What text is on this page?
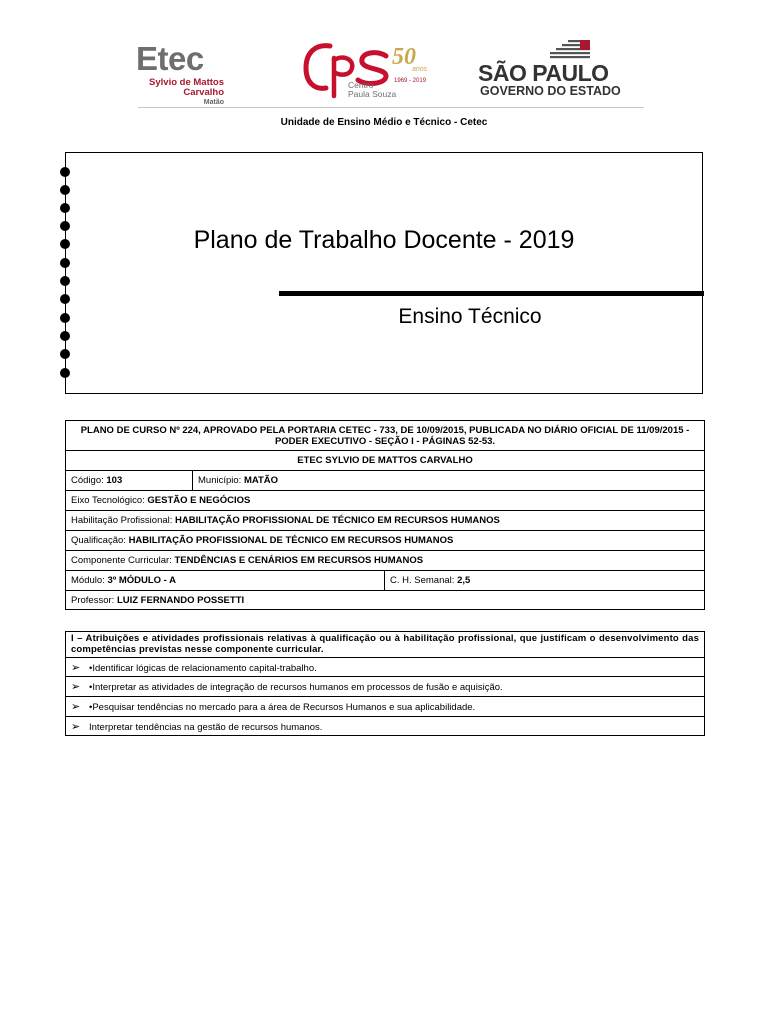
Etec
Sylvio de Mattos
Carvalho
Matão
50
anos
1969 - 2019
Centro
Paula Souza
SÃO PAULO
GOVERNO DO ESTADO
Unidade de Ensino Médio e Técnico - Cetec
Plano de Trabalho Docente - 2019
Ensino Técnico
PLANO DE CURSO Nº 224, APROVADO PELA PORTARIA CETEC - 733, DE 10/09/2015, PUBLICADA NO DIÁRIO OFICIAL DE 11/09/2015 - PODER EXECUTIVO - SEÇÃO I - PÁGINAS 52-53.		
ETEC SYLVIO DE MATTOS CARVALHO		
Código: 103	Município: MATÃO	
Eixo Tecnológico: GESTÃO E NEGÓCIOS		
Habilitação Profissional: HABILITAÇÃO PROFISSIONAL DE TÉCNICO EM RECURSOS HUMANOS		
Qualificação: HABILITAÇÃO PROFISSIONAL DE TÉCNICO EM RECURSOS HUMANOS		
Componente Curricular: TENDÊNCIAS E CENÁRIOS EM RECURSOS HUMANOS		
Módulo: 3º MÓDULO - A		C. H. Semanal: 2,5
Professor: LUIZ FERNANDO POSSETTI		
I – Atribuições e atividades profissionais relativas à qualificação ou à habilitação profissional, que justificam o desenvolvimento das competências previstas nesse componente curricular.
➢ •Identificar lógicas de relacionamento capital-trabalho.
➢ •Interpretar as atividades de integração de recursos humanos em processos de fusão e aquisição.
➢ •Pesquisar tendências no mercado para a área de Recursos Humanos e sua aplicabilidade.
➢ Interpretar tendências na gestão de recursos humanos.
